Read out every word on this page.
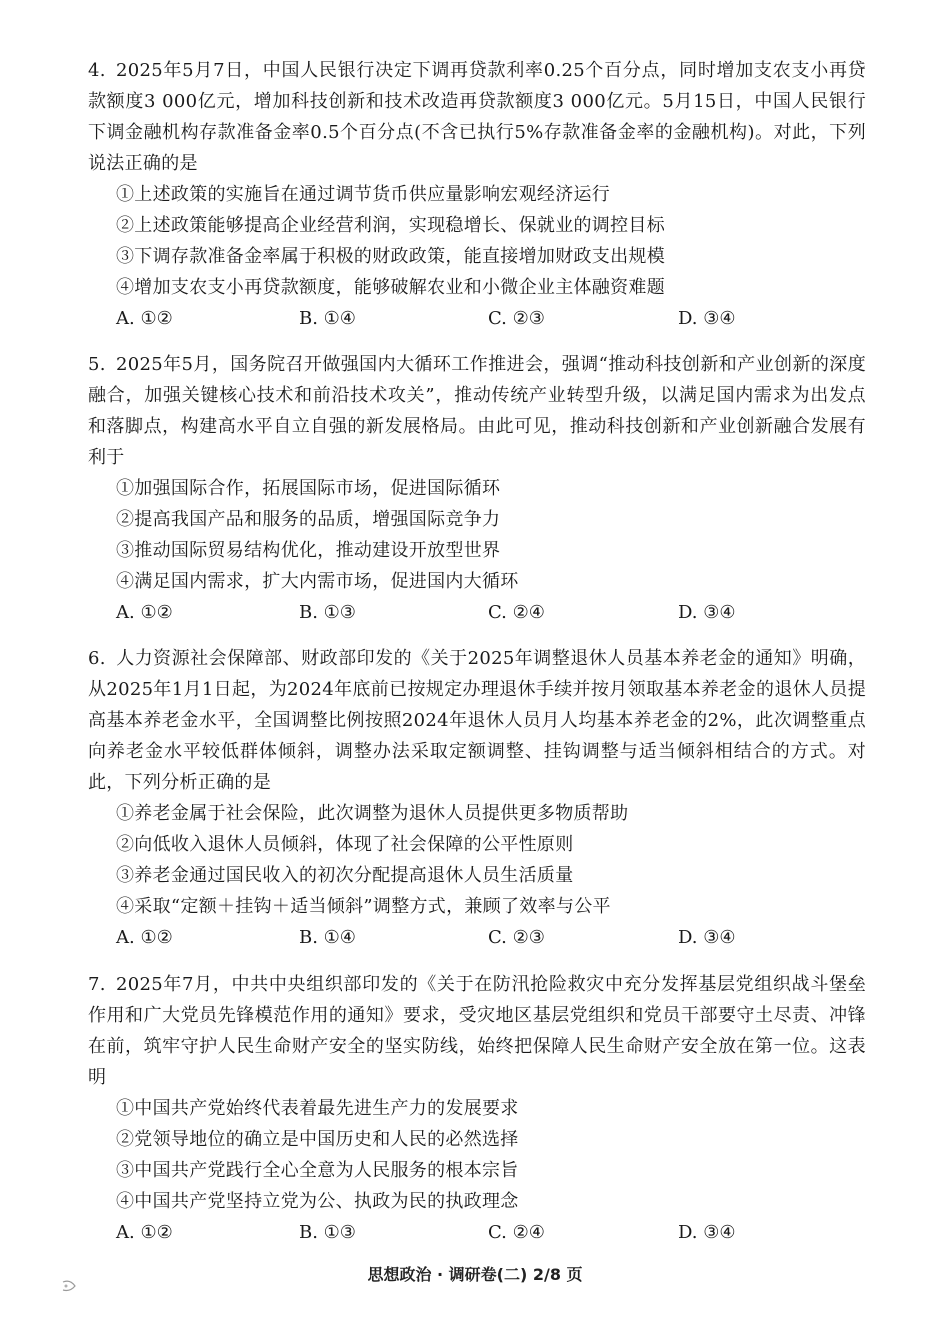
4. 2025年5月7日，中国人民银行决定下调再贷款利率0.25个百分点，同时增加支农支小再贷款额度3 000亿元，增加科技创新和技术改造再贷款额度3 000亿元。5月15日，中国人民银行下调金融机构存款准备金率0.5个百分点(不含已执行5%存款准备金率的金融机构)。对此，下列说法正确的是

①上述政策的实施旨在通过调节货币供应量影响宏观经济运行

②上述政策能够提高企业经营利润，实现稳增长、保就业的调控目标

③下调存款准备金率属于积极的财政政策，能直接增加财政支出规模

④增加支农支小再贷款额度，能够破解农业和小微企业主体融资难题

A. ①②	B. ①④	C. ②③	D. ③④

5. 2025年5月，国务院召开做强国内大循环工作推进会，强调“推动科技创新和产业创新的深度融合，加强关键核心技术和前沿技术攻关”，推动传统产业转型升级，以满足国内需求为出发点和落脚点，构建高水平自立自强的新发展格局。由此可见，推动科技创新和产业创新融合发展有利于

①加强国际合作，拓展国际市场，促进国际循环

②提高我国产品和服务的品质，增强国际竞争力

③推动国际贸易结构优化，推动建设开放型世界

④满足国内需求，扩大内需市场，促进国内大循环

A. ①②	B. ①③	C. ②④	D. ③④

6. 人力资源社会保障部、财政部印发的《关于2025年调整退休人员基本养老金的通知》明确，从2025年1月1日起，为2024年底前已按规定办理退休手续并按月领取基本养老金的退休人员提高基本养老金水平，全国调整比例按照2024年退休人员月人均基本养老金的2%，此次调整重点向养老金水平较低群体倾斜，调整办法采取定额调整、挂钩调整与适当倾斜相结合的方式。对此，下列分析正确的是

①养老金属于社会保险，此次调整为退休人员提供更多物质帮助

②向低收入退休人员倾斜，体现了社会保障的公平性原则

③养老金通过国民收入的初次分配提高退休人员生活质量

④采取“定额＋挂钩＋适当倾斜”调整方式，兼顾了效率与公平

A. ①②	B. ①④	C. ②③	D. ③④

7. 2025年7月，中共中央组织部印发的《关于在防汛抢险救灾中充分发挥基层党组织战斗堡垒作用和广大党员先锋模范作用的通知》要求，受灾地区基层党组织和党员干部要守土尽责、冲锋在前，筑牢守护人民生命财产安全的坚实防线，始终把保障人民生命财产安全放在第一位。这表明

①中国共产党始终代表着最先进生产力的发展要求

②党领导地位的确立是中国历史和人民的必然选择

③中国共产党践行全心全意为人民服务的根本宗旨

④中国共产党坚持立党为公、执政为民的执政理念

A. ①②	B. ①③	C. ②④	D. ③④
思想政治 · 调研卷(二) 2/8 页
